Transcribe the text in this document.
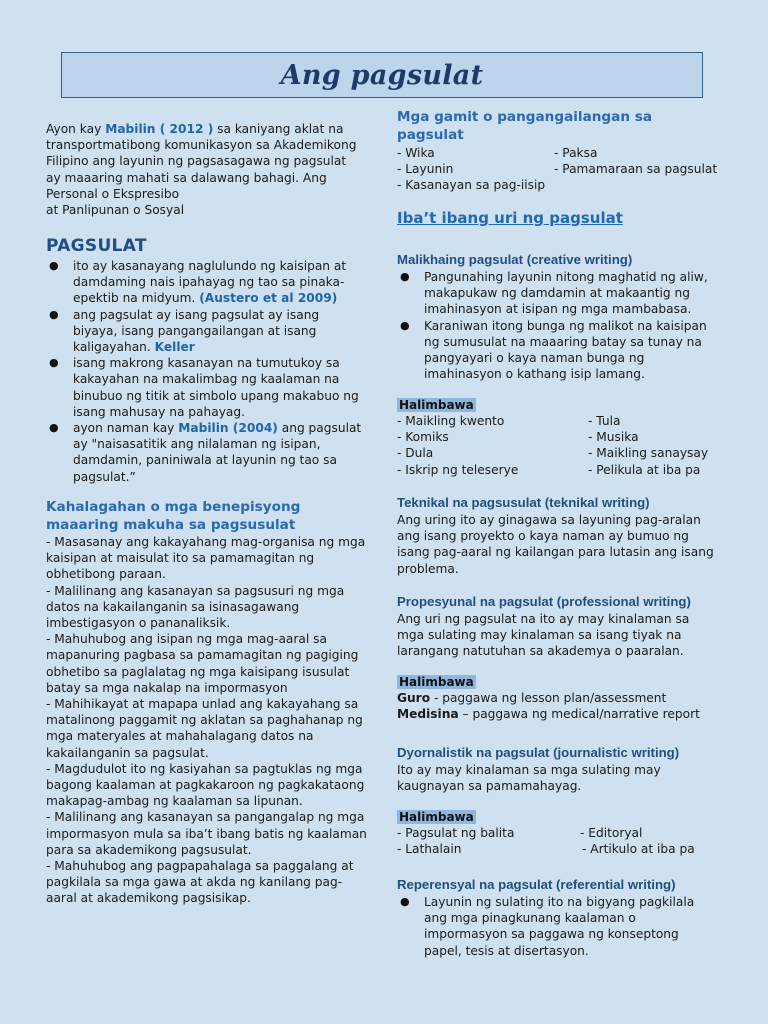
Ang pagsulat

Ayon kay Mabilin ( 2012 ) sa kaniyang aklat na transportmatibong komunikasyon sa Akademikong Filipino ang layunin ng pagsasagawa ng pagsulat ay maaaring mahati sa dalawang bahagi. Ang Personal o Ekspresibo

at Panlipunan o Sosyal

PAGSULAT
● ito ay kasanayang naglulundo ng kaisipan at damdaming nais ipahayag ng tao sa pinaka-epektib na midyum. (Austero et al 2009)
● ang pagsulat ay isang pagsulat ay isang biyaya, isang pangangailangan at isang kaligayahan. Keller
● isang makrong kasanayan na tumutukoy sa kakayahan na makalimbag ng kaalaman na binubuo ng titik at simbolo upang makabuo ng isang mahusay na pahayag.
● ayon naman kay Mabilin (2004) ang pagsulat ay "naisasatitik ang nilalaman ng isipan, damdamin, paniniwala at layunin ng tao sa pagsulat.”
Kahalagahan o mga benepisyong maaaring makuha sa pagsusulat

- Masasanay ang kakayahang mag-organisa ng mga kaisipan at maisulat ito sa pamamagitan ng obhetibong paraan.

- Malilinang ang kasanayan sa pagsusuri ng mga datos na kakailanganin sa isinasagawang imbestigasyon o pananaliksik.

- Mahuhubog ang isipan ng mga mag-aaral sa mapanuring pagbasa sa pamamagitan ng pagiging obhetibo sa paglalatag ng mga kaisipang isusulat batay sa mga nakalap na impormasyon

- Mahihikayat at mapapa unlad ang kakayahang sa matalinong paggamit ng aklatan sa paghahanap ng mga materyales at mahahalagang datos na kakailanganin sa pagsulat.

- Magdudulot ito ng kasiyahan sa pagtuklas ng mga bagong kaalaman at pagkakaroon ng pagkakataong makapag-ambag ng kaalaman sa lipunan.

- Malilinang ang kasanayan sa pangangalap ng mga impormasyon mula sa iba’t ibang batis ng kaalaman para sa akademikong pagsusulat.

- Mahuhubog ang pagpapahalaga sa paggalang at pagkilala sa mga gawa at akda ng kanilang pag-aaral at akademikong pagsisikap.

Mga gamit o pangangailangan sa pagsulat
- Wika	- Paksa
- Layunin	- Pamamaraan sa pagsulat
- Kasanayan sa pag-iisip
Iba’t ibang uri ng pagsulat
Malikhaing pagsulat (creative writing)
● Pangunahing layunin nitong maghatid ng aliw, makapukaw ng damdamin at makaantig ng imahinasyon at isipan ng mga mambabasa.
● Karaniwan itong bunga ng malikot na kaisipan ng sumusulat na maaaring batay sa tunay na pangyayari o kaya naman bunga ng imahinasyon o kathang isip lamang.
Halimbawa
- Maikling kwento	- Tula
- Komiks	- Musika
- Dula	- Maikling sanaysay
- Iskrip ng teleserye	- Pelikula at iba pa
Teknikal na pagsusulat (teknikal writing)
Ang uring ito ay ginagawa sa layuning pag-aralan ang isang proyekto o kaya naman ay bumuo ng isang pag-aaral ng kailangan para lutasin ang isang problema.
Propesyunal na pagsulat (professional writing)
Ang uri ng pagsulat na ito ay may kinalaman sa mga sulating may kinalaman sa isang tiyak na larangang natutuhan sa akademya o paaralan.
Halimbawa
Guro - paggawa ng lesson plan/assessment
Medisina – paggawa ng medical/narrative report
Dyornalistik na pagsulat (journalistic writing)
Ito ay may kinalaman sa mga sulating may kaugnayan sa pamamahayag.
Halimbawa
- Pagsulat ng balita	- Editoryal
- Lathalain	- Artikulo at iba pa
Reperensyal na pagsulat (referential writing)
● Layunin ng sulating ito na bigyang pagkilala ang mga pinagkunang kaalaman o impormasyon sa paggawa ng konseptong papel, tesis at disertasyon.
